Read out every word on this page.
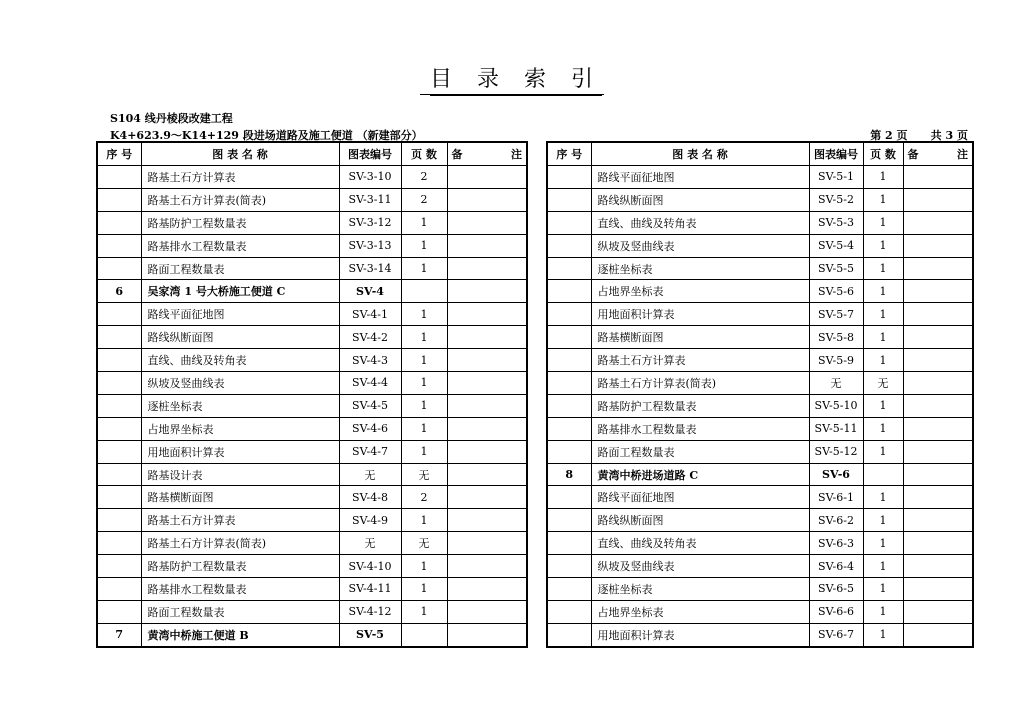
目 录 索 引
S104 线丹棱段改建工程
K4+623.9～K14+129 段进场道路及施工便道 （新建部分）	第 2 页 共 3 页
序 号	图 表 名 称	图表编号	页 数	备 注

	路基土石方计算表	SV-3-10	2	
	路基土石方计算表(简表)	SV-3-11	2	
	路基防护工程数量表	SV-3-12	1	
	路基排水工程数量表	SV-3-13	1	
	路面工程数量表	SV-3-14	1	
6	吴家湾 1 号大桥施工便道 C	SV-4		
	路线平面征地图	SV-4-1	1	
	路线纵断面图	SV-4-2	1	
	直线、曲线及转角表	SV-4-3	1	
	纵坡及竖曲线表	SV-4-4	1	
	逐桩坐标表	SV-4-5	1	
	占地界坐标表	SV-4-6	1	
	用地面积计算表	SV-4-7	1	
	路基设计表	无	无	
	路基横断面图	SV-4-8	2	
	路基土石方计算表	SV-4-9	1	
	路基土石方计算表(简表)	无	无	
	路基防护工程数量表	SV-4-10	1	
	路基排水工程数量表	SV-4-11	1	
	路面工程数量表	SV-4-12	1	
7	黄湾中桥施工便道 B	SV-5		
序 号	图 表 名 称	图表编号	页 数	备 注

	路线平面征地图	SV-5-1	1	
	路线纵断面图	SV-5-2	1	
	直线、曲线及转角表	SV-5-3	1	
	纵坡及竖曲线表	SV-5-4	1	
	逐桩坐标表	SV-5-5	1	
	占地界坐标表	SV-5-6	1	
	用地面积计算表	SV-5-7	1	
	路基横断面图	SV-5-8	1	
	路基土石方计算表	SV-5-9	1	
	路基土石方计算表(简表)	无	无	
	路基防护工程数量表	SV-5-10	1	
	路基排水工程数量表	SV-5-11	1	
	路面工程数量表	SV-5-12	1	
8	黄湾中桥进场道路 C	SV-6		
	路线平面征地图	SV-6-1	1	
	路线纵断面图	SV-6-2	1	
	直线、曲线及转角表	SV-6-3	1	
	纵坡及竖曲线表	SV-6-4	1	
	逐桩坐标表	SV-6-5	1	
	占地界坐标表	SV-6-6	1	
	用地面积计算表	SV-6-7	1	
